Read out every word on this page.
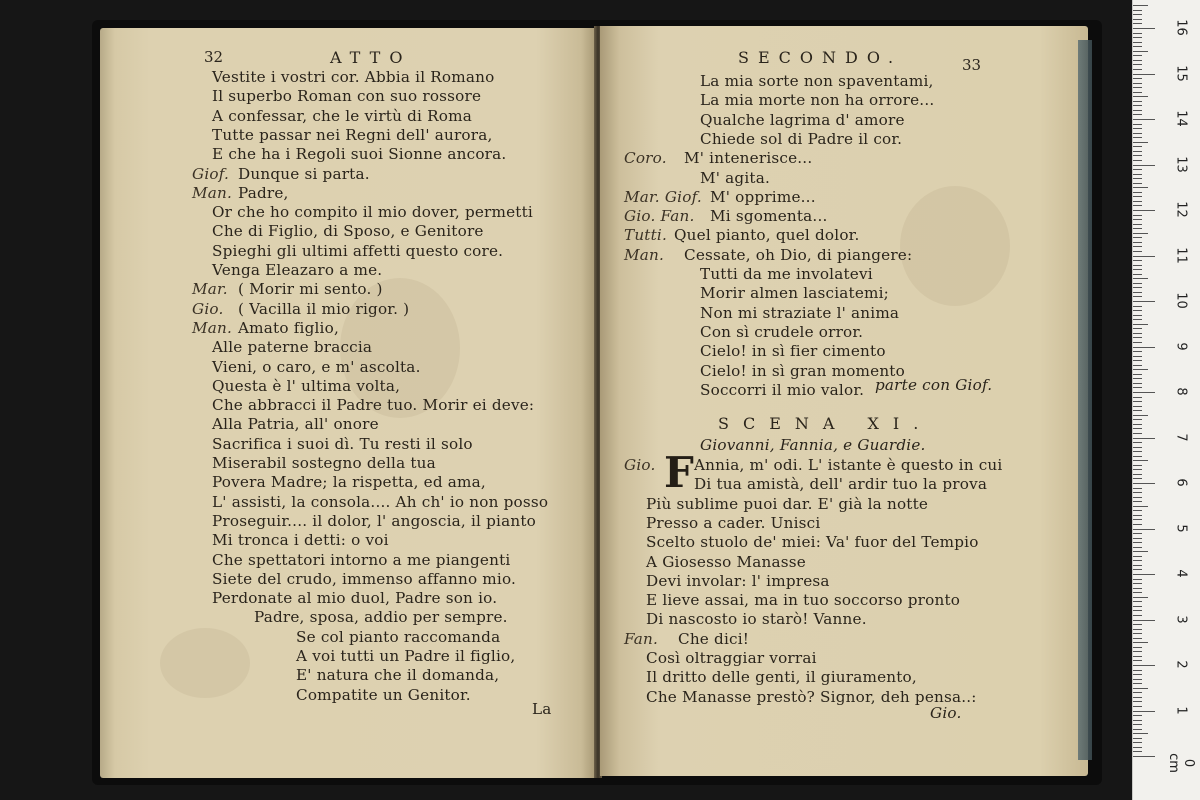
32	ATTO
Vestite i vostri cor. Abbia il Romano
Il superbo Roman con suo rossore
A confessar, che le virtù di Roma
Tutte passar nei Regni dell' aurora,
E che ha i Regoli suoi Sionne ancora.
Giof. Dunque si parta.
Man. Padre,
Or che ho compito il mio dover, permetti
Che di Figlio, di Sposo, e Genitore
Spieghi gli ultimi affetti questo core.
Venga Eleazaro a me.
Mar. ( Morir mi sento. )
Gio. ( Vacilla il mio rigor. )
Man. Amato figlio,
Alle paterne braccia
Vieni, o caro, e m' ascolta.
Questa è l' ultima volta,
Che abbracci il Padre tuo. Morir ei deve:
Alla Patria, all' onore
Sacrifica i suoi dì. Tu resti il solo
Miserabil sostegno della tua
Povera Madre; la rispetta, ed ama,
L' assisti, la consola.... Ah ch' io non posso
Proseguir.... il dolor, l' angoscia, il pianto
Mi tronca i detti: o voi
Che spettatori intorno a me piangenti
Siete del crudo, immenso affanno mio.
Perdonate al mio duol, Padre son io.
Padre, sposa, addio per sempre.
Se col pianto raccomanda
A voi tutti un Padre il figlio,
E' natura che il domanda,
Compatite un Genitor.
La
SECONDO.	33
La mia sorte non spaventami,
La mia morte non ha orrore...
Qualche lagrima d' amore
Chiede sol di Padre il cor.
Coro. M' intenerisce...
M' agita.
Mar. Giof. M' opprime...
Gio. Fan. Mi sgomenta...
Tutti. Quel pianto, quel dolor.
Man. Cessate, oh Dio, di piangere:
Tutti da me involatevi
Morir almen lasciatemi;
Non mi straziate l' anima
Con sì crudele orror.
Cielo! in sì fier cimento
Cielo! in sì gran momento
Soccorri il mio valor. parte con Giof.
SCENA XI.
Giovanni, Fannia, e Guardie.
F
Gio.	Annia, m' odi. L' istante è questo in cui
Di tua amistà, dell' ardir tuo la prova
Più sublime puoi dar. E' già la notte
Presso a cader. Unisci
Scelto stuolo de' miei: Va' fuor del Tempio
A Giosesso Manasse
Devi involar: l' impresa
E lieve assai, ma in tuo soccorso pronto
Di nascosto io starò! Vanne.
Fan. Che dici!
Così oltraggiar vorrai
Il dritto delle genti, il giuramento,
Che Manasse prestò? Signor, deh pensa..:
Gio.
16
15
14
13
12
11
10
9
8
7
6
5
4
3
2
1
0 cm
